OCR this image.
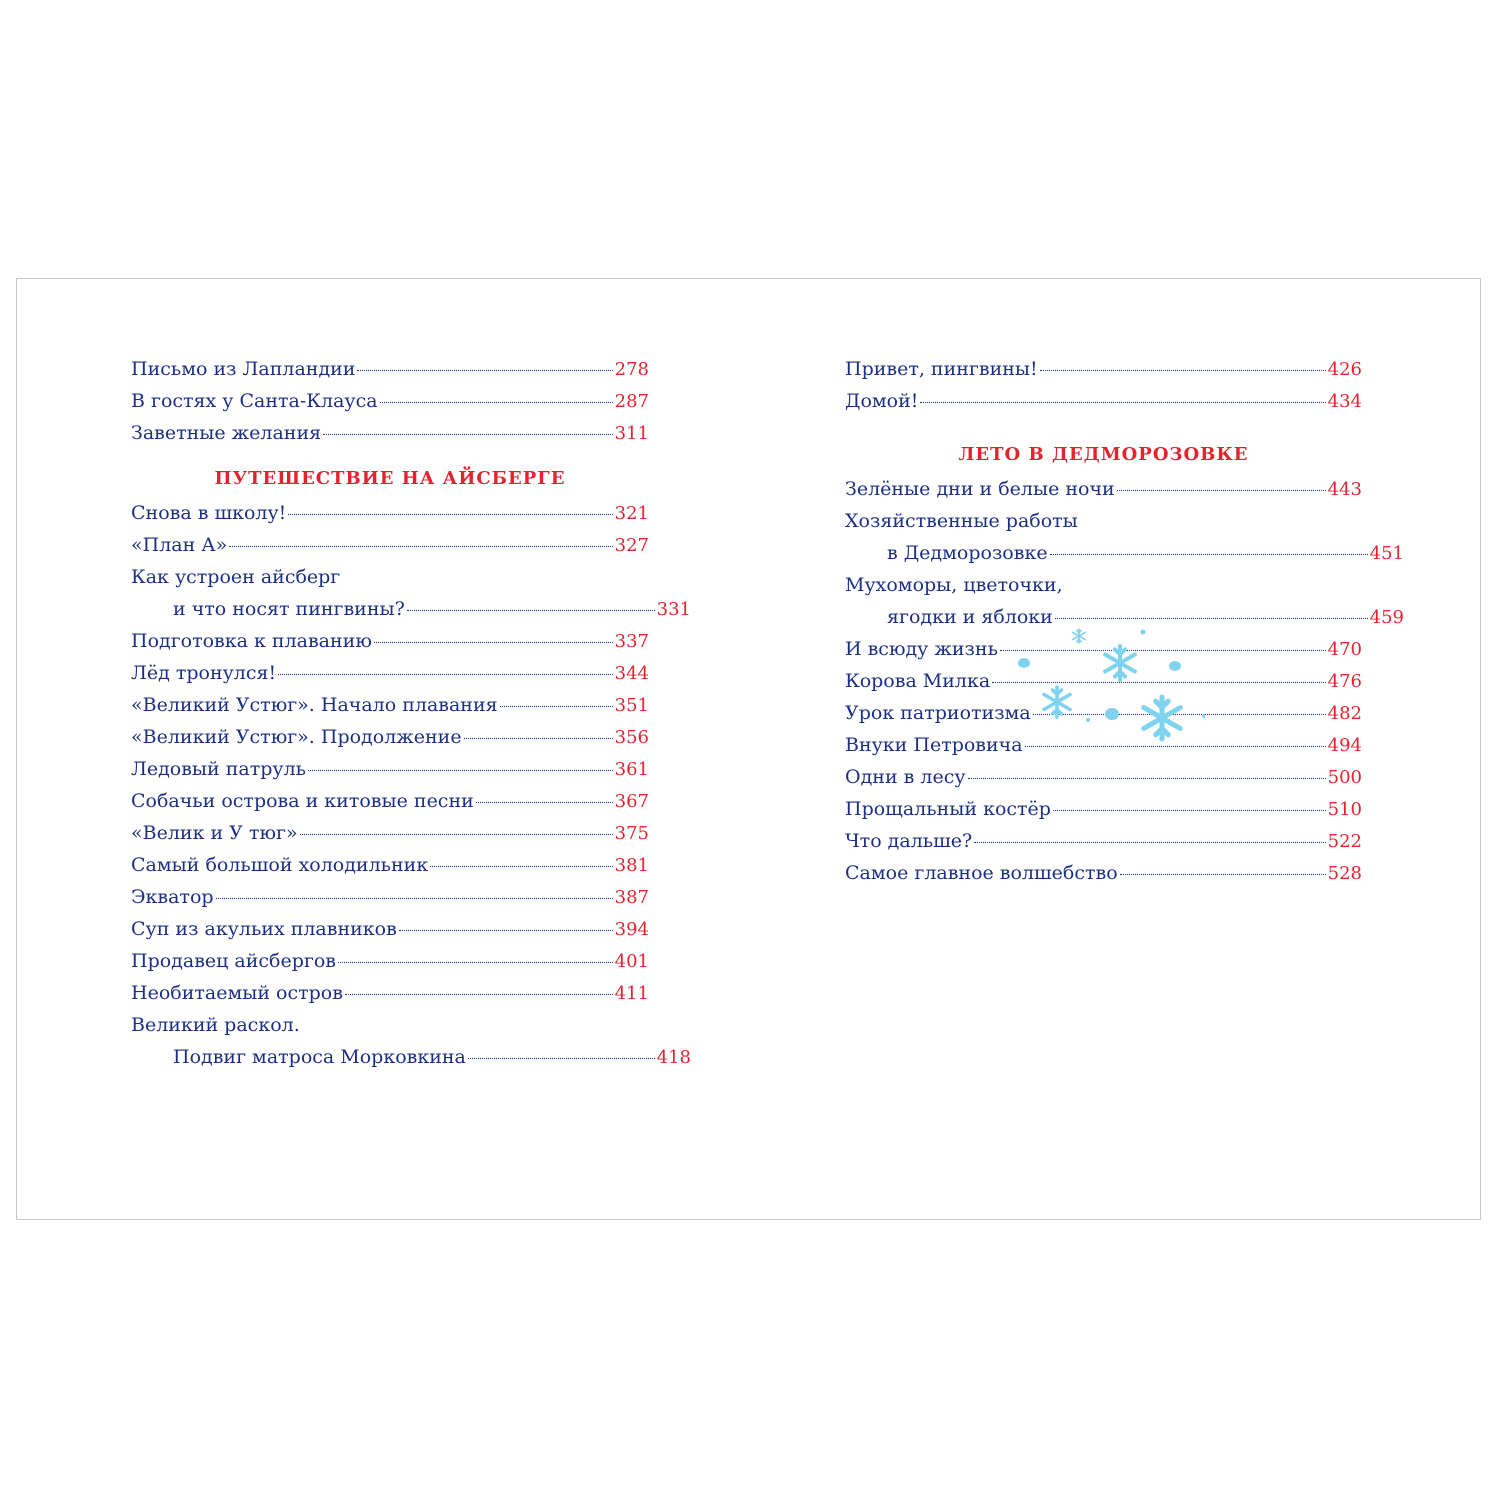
Письмо из Лапландии	278
В гостях у Санта-Клауса	287
Заветные желания	311
ПУТЕШЕСТВИЕ НА АЙСБЕРГЕ
Снова в школу!	321
«План А»	327
Как устроен айсберг
и что носят пингвины?	331
Подготовка к плаванию	337
Лёд тронулся!	344
«Великий Устюг». Начало плавания	351
«Великий Устюг». Продолжение	356
Ледовый патруль	361
Собачьи острова и китовые песни	367
«Велик и У тюг»	375
Самый большой холодильник	381
Экватор	387
Суп из акульих плавников	394
Продавец айсбергов	401
Необитаемый остров	411
Великий раскол.
Подвиг матроса Морковкина	418
Привет, пингвины!	426
Домой!	434
ЛЕТО В ДЕДМОРОЗОВКЕ
Зелёные дни и белые ночи	443
Хозяйственные работы
в Дедморозовке	451
Мухоморы, цветочки,
ягодки и яблоки	459
И всюду жизнь	470
Корова Милка	476
Урок патриотизма	482
Внуки Петровича	494
Одни в лесу	500
Прощальный костёр	510
Что дальше?	522
Самое главное волшебство	528
